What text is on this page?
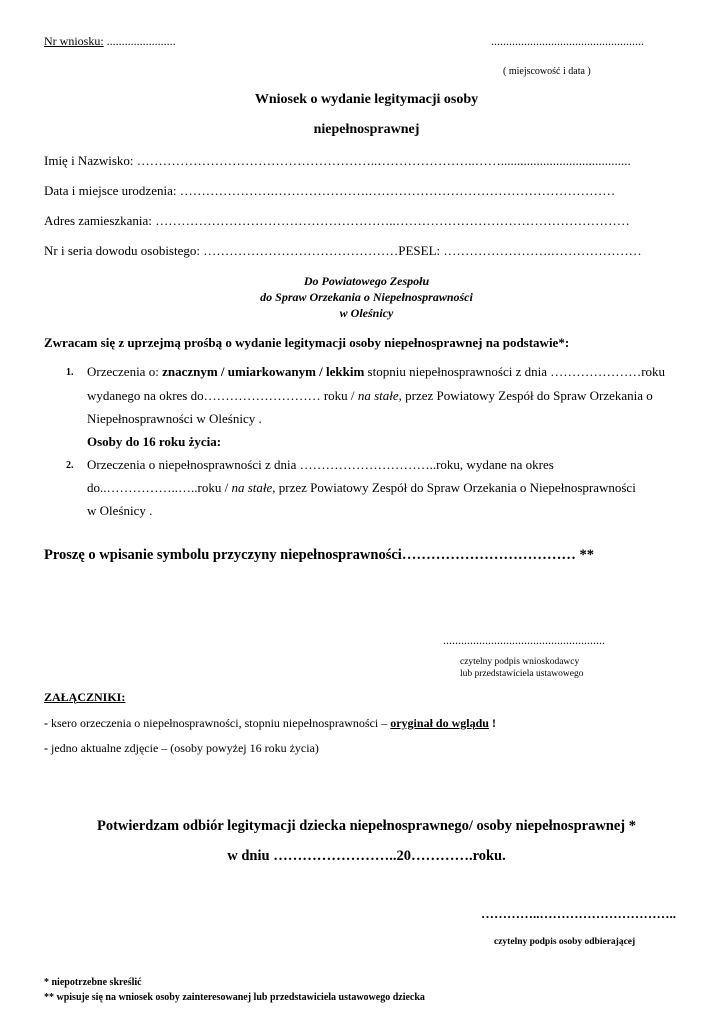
Nr wniosku: .......................	...................................................
( miejscowość i data )
Wniosek o wydanie legitymacji osoby
niepełnosprawnej
Imię i Nazwisko: ………………………………………………..…………………..……........................................
Data i miejsce urodzenia: ………………….………………….…………………………………………………
Adres zamieszkania: ………………………………………………..………………………………………………
Nr i seria dowodu osobistego: ………………………………………PESEL: …………………….…………………
Do Powiatowego Zespołu
do Spraw Orzekania o Niepełnosprawności
w Oleśnicy
Zwracam się z uprzejmą prośbą o wydanie legitymacji osoby niepełnosprawnej na podstawie*:
1. Orzeczenia o: znacznym / umiarkowanym / lekkim stopniu niepełnosprawności z dnia …………………roku
wydanego na okres do……………………… roku / na stałe, przez Powiatowy Zespół do Spraw Orzekania o
Niepełnosprawności w Oleśnicy .
Osoby do 16 roku życia:
2. Orzeczenia o niepełnosprawności z dnia …………………………..roku, wydane na okres
do..……………..…..roku / na stałe, przez Powiatowy Zespół do Spraw Orzekania o Niepełnosprawności
w Oleśnicy .
Proszę o wpisanie symbolu przyczyny niepełnosprawności……………………………… **
......................................................
czytelny podpis wnioskodawcy
lub przedstawiciela ustawowego
ZAŁĄCZNIKI:
- ksero orzeczenia o niepełnosprawności, stopniu niepełnosprawności – oryginał do wglądu !
- jedno aktualne zdjęcie – (osoby powyżej 16 roku życia)
Potwierdzam odbiór legitymacji dziecka niepełnosprawnego/ osoby niepełnosprawnej *
w dniu ……………………..20………….roku.
…………..…………………………..
czytelny podpis osoby odbierającej
* niepotrzebne skreślić
** wpisuje się na wniosek osoby zainteresowanej lub przedstawiciela ustawowego dziecka
